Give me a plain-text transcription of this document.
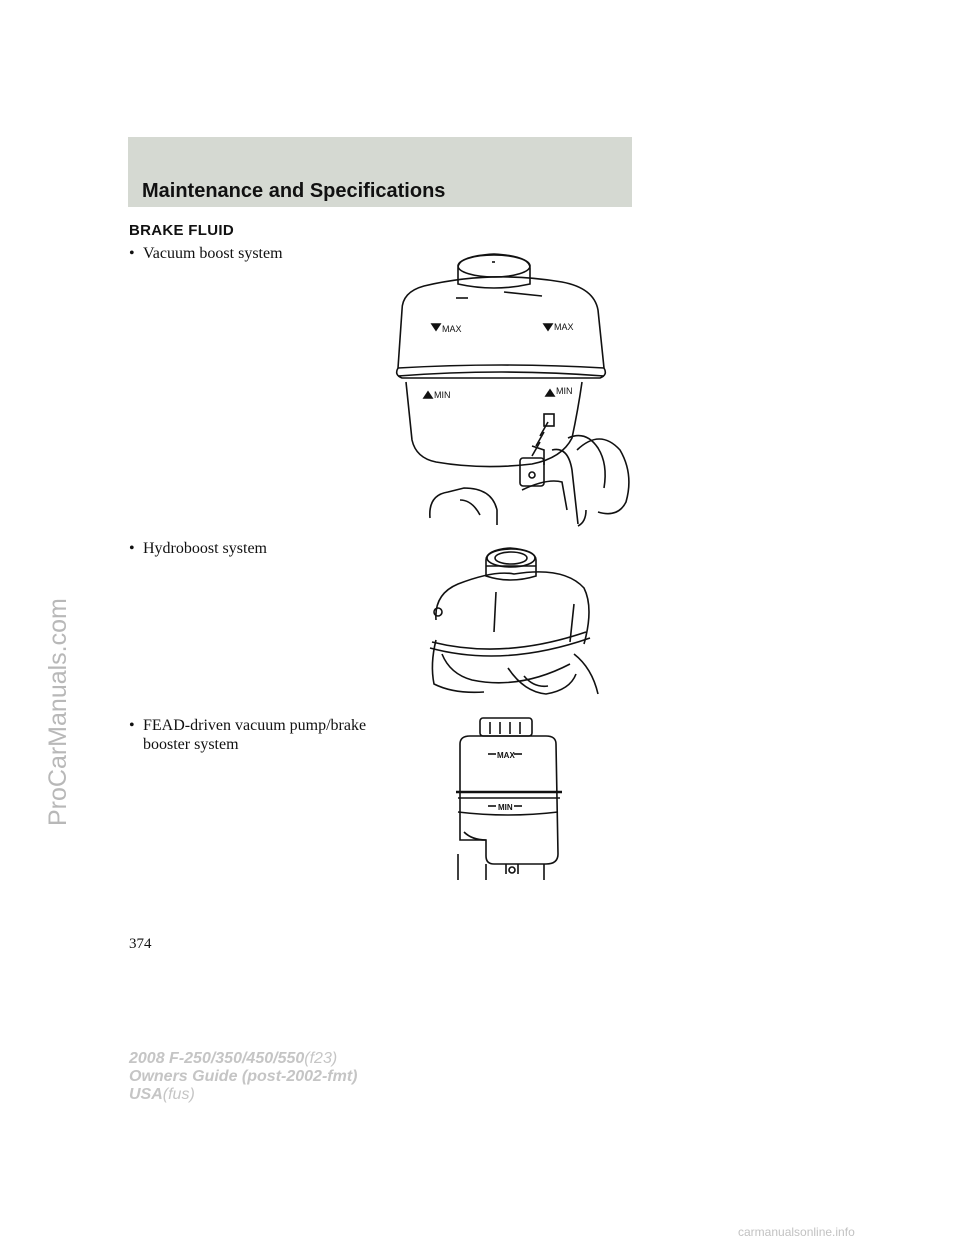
Maintenance and Specifications
BRAKE FLUID
• Vacuum boost system
• Hydroboost system
• FEAD-driven vacuum pump/brake
booster system
MAX	MAX
MIN	MIN
MAX
MIN
374
2008 F-250/350/450/550(f23)
Owners Guide (post-2002-fmt)
USA(fus)
ProCarManuals.com
carmanualsonline.info
